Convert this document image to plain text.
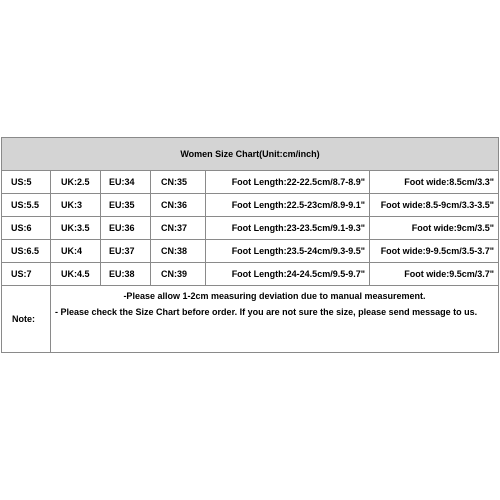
Women Size Chart(Unit:cm/inch)
US:5	UK:2.5	EU:34	CN:35	Foot Length:22-22.5cm/8.7-8.9"	Foot wide:8.5cm/3.3"
US:5.5	UK:3	EU:35	CN:36	Foot Length:22.5-23cm/8.9-9.1"	Foot wide:8.5-9cm/3.3-3.5"
US:6	UK:3.5	EU:36	CN:37	Foot Length:23-23.5cm/9.1-9.3"	Foot wide:9cm/3.5"
US:6.5	UK:4	EU:37	CN:38	Foot Length:23.5-24cm/9.3-9.5"	Foot wide:9-9.5cm/3.5-3.7"
US:7	UK:4.5	EU:38	CN:39	Foot Length:24-24.5cm/9.5-9.7"	Foot wide:9.5cm/3.7"
Note:
-Please allow 1-2cm measuring deviation due to manual measurement.
- Please check the Size Chart before order. If you are not sure the size, please send message to us.
